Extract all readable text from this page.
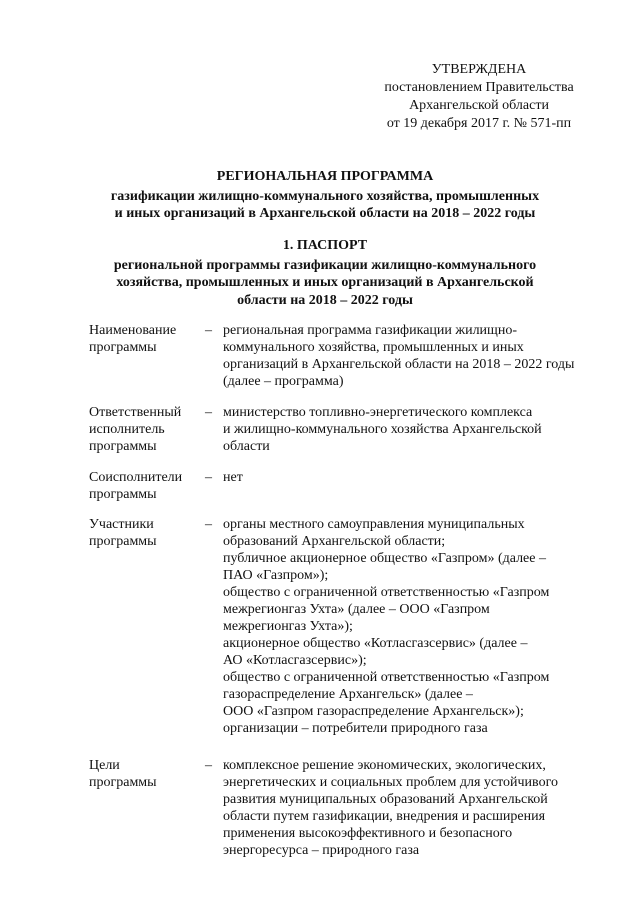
УТВЕРЖДЕНА
постановлением Правительства
Архангельской области
от 19 декабря 2017 г. № 571-пп
РЕГИОНАЛЬНАЯ ПРОГРАММА
газификации жилищно-коммунального хозяйства, промышленных
и иных организаций в Архангельской области на 2018 – 2022 годы
1. ПАСПОРТ
региональной программы газификации жилищно-коммунального
хозяйства, промышленных и иных организаций в Архангельской
области на 2018 – 2022 годы
Наименование
программы
– региональная программа газификации жилищно-
коммунального хозяйства, промышленных и иных
организаций в Архангельской области на 2018 – 2022 годы
(далее – программа)
Ответственный
исполнитель
программы
– министерство топливно-энергетического комплекса
и жилищно-коммунального хозяйства Архангельской
области
Соисполнители
программы
– нет
Участники
программы
– органы местного самоуправления муниципальных
образований Архангельской области;
публичное акционерное общество «Газпром» (далее –
ПАО «Газпром»);
общество с ограниченной ответственностью «Газпром
межрегионгаз Ухта» (далее – ООО «Газпром
межрегионгаз Ухта»);
акционерное общество «Котласгазсервис» (далее –
АО «Котласгазсервис»);
общество с ограниченной ответственностью «Газпром
газораспределение Архангельск» (далее –
ООО «Газпром газораспределение Архангельск»);
организации – потребители природного газа
Цели
программы
– комплексное решение экономических, экологических,
энергетических и социальных проблем для устойчивого
развития муниципальных образований Архангельской
области путем газификации, внедрения и расширения
применения высокоэффективного и безопасного
энергоресурса – природного газа
